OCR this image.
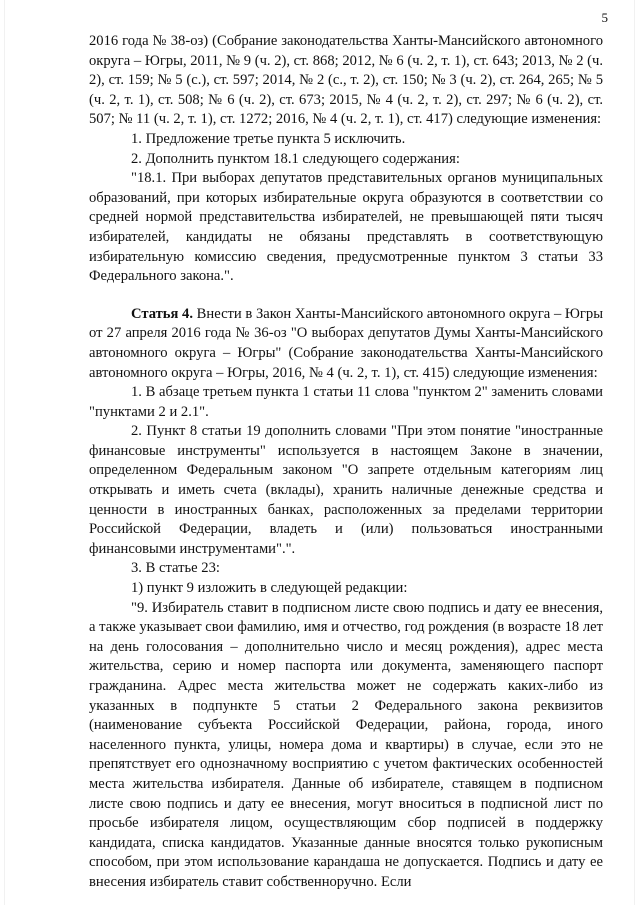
5

2016 года № 38-оз) (Собрание законодательства Ханты-Мансийского автономного округа – Югры, 2011, № 9 (ч. 2), ст. 868; 2012, № 6 (ч. 2, т. 1), ст. 643; 2013, № 2 (ч. 2), ст. 159; № 5 (с.), ст. 597; 2014, № 2 (с., т. 2), ст. 150; № 3 (ч. 2), ст. 264, 265; № 5 (ч. 2, т. 1), ст. 508; № 6 (ч. 2), ст. 673; 2015, № 4 (ч. 2, т. 2), ст. 297; № 6 (ч. 2), ст. 507; № 11 (ч. 2, т. 1), ст. 1272; 2016, № 4 (ч. 2, т. 1), ст. 417) следующие изменения:

1. Предложение третье пункта 5 исключить.

2. Дополнить пунктом 18.1 следующего содержания:

"18.1. При выборах депутатов представительных органов муниципальных образований, при которых избирательные округа образуются в соответствии со средней нормой представительства избирателей, не превышающей пяти тысяч избирателей, кандидаты не обязаны представлять в соответствующую избирательную комиссию сведения, предусмотренные пунктом 3 статьи 33 Федерального закона.".

Статья 4. Внести в Закон Ханты-Мансийского автономного округа – Югры от 27 апреля 2016 года № 36-оз "О выборах депутатов Думы Ханты-Мансийского автономного округа – Югры" (Собрание законодательства Ханты-Мансийского автономного округа – Югры, 2016, № 4 (ч. 2, т. 1), ст. 415) следующие изменения:

1. В абзаце третьем пункта 1 статьи 11 слова "пунктом 2" заменить словами "пунктами 2 и 2.1".

2. Пункт 8 статьи 19 дополнить словами "При этом понятие "иностранные финансовые инструменты" используется в настоящем Законе в значении, определенном Федеральным законом "О запрете отдельным категориям лиц открывать и иметь счета (вклады), хранить наличные денежные средства и ценности в иностранных банках, расположенных за пределами территории Российской Федерации, владеть и (или) пользоваться иностранными финансовыми инструментами".".

3. В статье 23:

1) пункт 9 изложить в следующей редакции:

"9. Избиратель ставит в подписном листе свою подпись и дату ее внесения, а также указывает свои фамилию, имя и отчество, год рождения (в возрасте 18 лет на день голосования – дополнительно число и месяц рождения), адрес места жительства, серию и номер паспорта или документа, заменяющего паспорт гражданина. Адрес места жительства может не содержать каких-либо из указанных в подпункте 5 статьи 2 Федерального закона реквизитов (наименование субъекта Российской Федерации, района, города, иного населенного пункта, улицы, номера дома и квартиры) в случае, если это не препятствует его однозначному восприятию с учетом фактических особенностей места жительства избирателя. Данные об избирателе, ставящем в подписном листе свою подпись и дату ее внесения, могут вноситься в подписной лист по просьбе избирателя лицом, осуществляющим сбор подписей в поддержку кандидата, списка кандидатов. Указанные данные вносятся только рукописным способом, при этом использование карандаша не допускается. Подпись и дату ее внесения избиратель ставит собственноручно. Если
